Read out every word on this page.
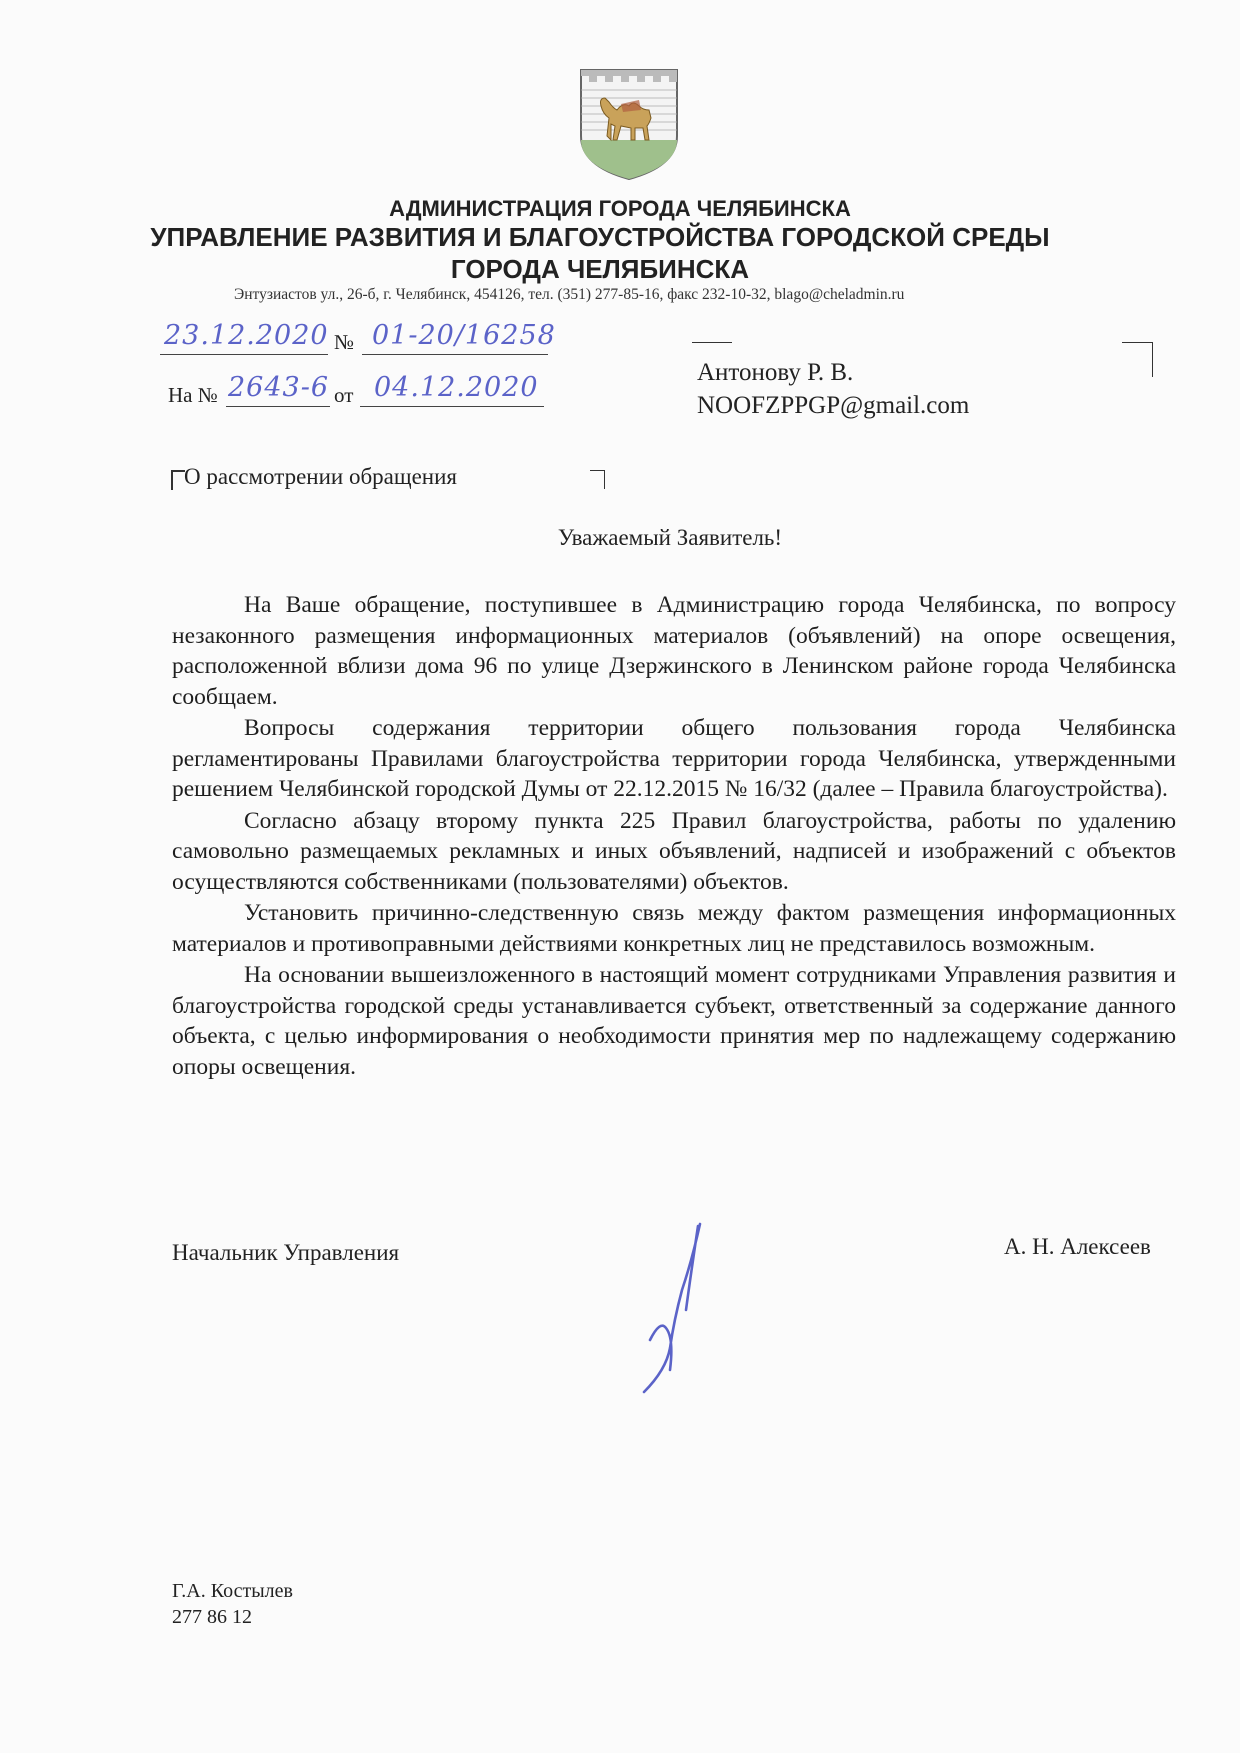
АДМИНИСТРАЦИЯ ГОРОДА ЧЕЛЯБИНСКА
УПРАВЛЕНИЕ РАЗВИТИЯ И БЛАГОУСТРОЙСТВА ГОРОДСКОЙ СРЕДЫ
ГОРОДА ЧЕЛЯБИНСКА
Энтузиастов ул., 26-б, г. Челябинск, 454126, тел. (351) 277-85-16, факс 232-10-32, blago@cheladmin.ru
23.12.2020 № 01-20/16258
На № 2643-6 от 04.12.2020	Антонову Р. В.
NOOFZPPGP@gmail.com
О рассмотрении обращения
Уважаемый Заявитель!

На Ваше обращение, поступившее в Администрацию города Челябинска, по вопросу незаконного размещения информационных материалов (объявлений) на опоре освещения, расположенной вблизи дома 96 по улице Дзержинского в Ленинском районе города Челябинска сообщаем.

Вопросы содержания территории общего пользования города Челябинска регламентированы Правилами благоустройства территории города Челябинска, утвержденными решением Челябинской городской Думы от 22.12.2015 № 16/32 (далее – Правила благоустройства).

Согласно абзацу второму пункта 225 Правил благоустройства, работы по удалению самовольно размещаемых рекламных и иных объявлений, надписей и изображений с объектов осуществляются собственниками (пользователями) объектов.

Установить причинно-следственную связь между фактом размещения информационных материалов и противоправными действиями конкретных лиц не представилось возможным.

На основании вышеизложенного в настоящий момент сотрудниками Управления развития и благоустройства городской среды устанавливается субъект, ответственный за содержание данного объекта, с целью информирования о необходимости принятия мер по надлежащему содержанию опоры освещения.

Начальник Управления	А. Н. Алексеев
Г.А. Костылев
277 86 12
